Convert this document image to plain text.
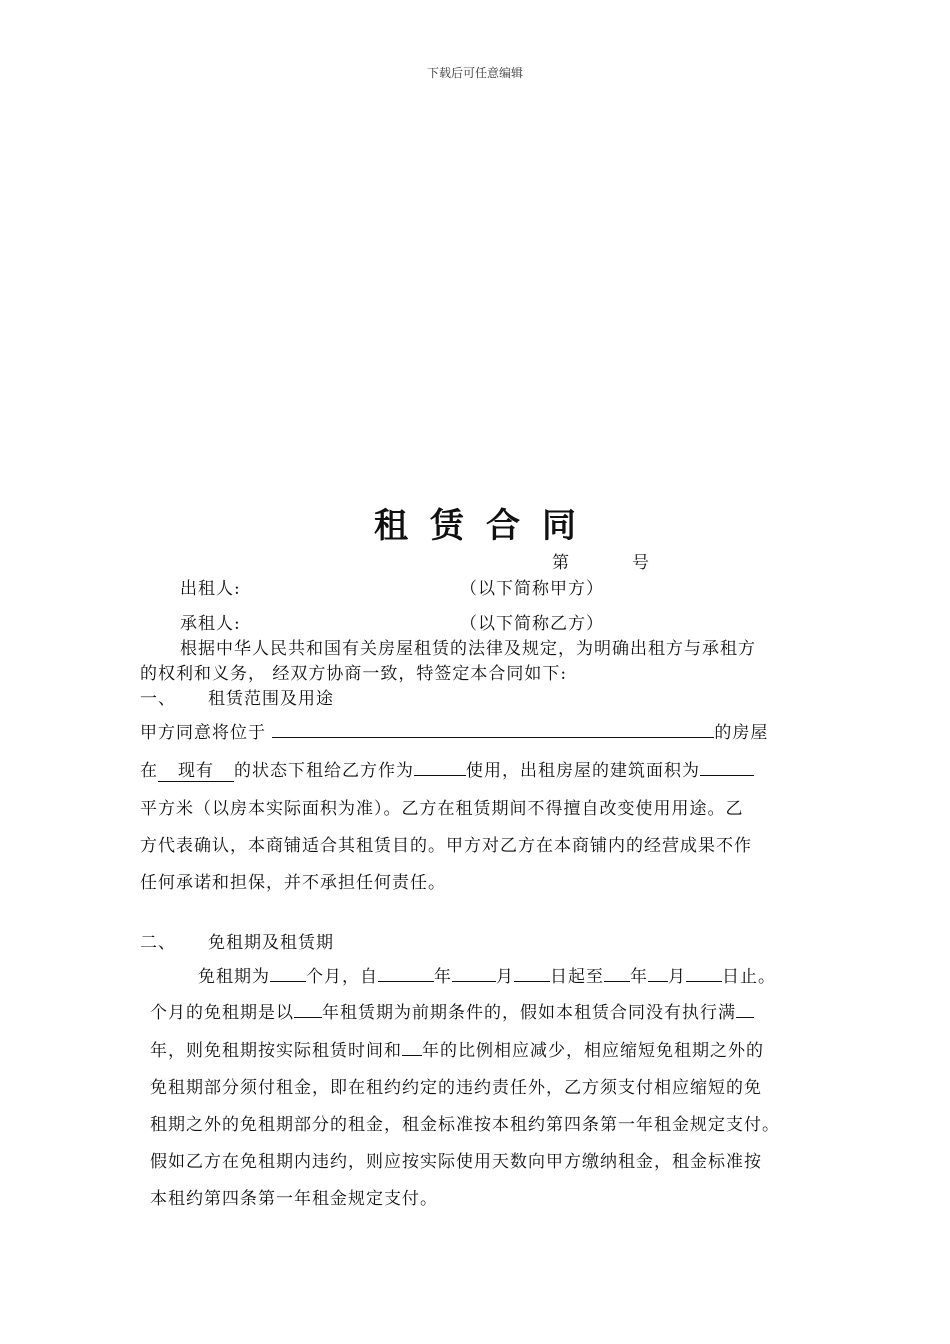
下载后可任意编辑
租赁合同
第	号
出租人:	（以下简称甲方）
承租人:	（以下简称乙方）
根据中华人民共和国有关房屋租赁的法律及规定，为明确出租方与承租方
的权利和义务， 经双方协商一致，特签定本合同如下:
一、 租赁范围及用途
甲方同意将位于	的房屋
在 现有 的状态下租给乙方作为	使用，出租房屋的建筑面积为
平方米（以房本实际面积为准）。乙方在租赁期间不得擅自改变使用用途。乙
方代表确认，本商铺适合其租赁目的。甲方对乙方在本商铺内的经营成果不作
任何承诺和担保，并不承担任何责任。
二、 免租期及租赁期
免租期为 个月，自	年	月 日起至 年 月 日止。
个月的免租期是以 年租赁期为前期条件的，假如本租赁合同没有执行满
年，则免租期按实际租赁时间和 年的比例相应减少，相应缩短免租期之外的
免租期部分须付租金，即在租约约定的违约责任外，乙方须支付相应缩短的免
租期之外的免租期部分的租金，租金标准按本租约第四条第一年租金规定支付。
假如乙方在免租期内违约，则应按实际使用天数向甲方缴纳租金，租金标准按
本租约第四条第一年租金规定支付。
